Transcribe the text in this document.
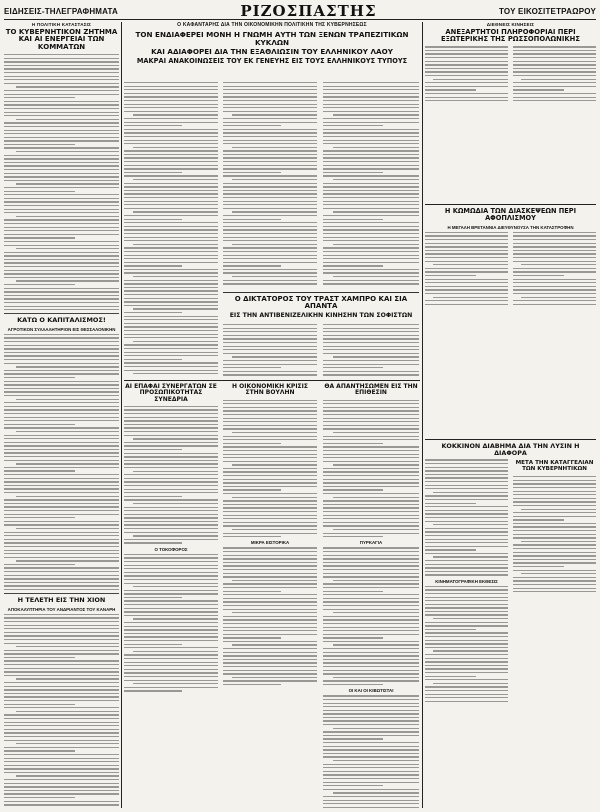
ΕΙΔΗΣΕΙΣ-ΤΗΛΕΓΡΑΦΗΜΑΤΑ	ΡΙΖΟΣΠΑΣΤΗΣ	ΤΟΥ ΕΙΚΟΣΙΤΕΤΡΑΩΡΟΥ
Η ΠΟΛΙΤΙΚΗ ΚΑΤΑΣΤΑΣΙΣ
ΤΟ ΚΥΒΕΡΝΗΤΙΚΟΝ ΖΗΤΗΜΑ ΚΑΙ ΑΙ ΕΝΕΡΓΕΙΑΙ ΤΩΝ ΚΟΜΜΑΤΩΝ
ΚΑΤΩ Ο ΚΑΠΙΤΑΛΙΣΜΟΣ!
ΑΓΡΟΤΙΚΟΝ ΣΥΛΛΑΛΗΤΗΡΙΟΝ ΕΙΣ ΘΕΣΣΑΛΟΝΙΚΗΝ
Η ΤΕΛΕΤΗ ΕΙΣ ΤΗΝ ΧΙΟΝ
ΑΠΟΚΑΛΥΠΤΗΡΙΑ ΤΟΥ ΑΝΔΡΙΑΝΤΟΣ ΤΟΥ ΚΑΝΑΡΗ
Ο ΚΑΦΑΝΤΑΡΗΣ ΔΙΑ ΤΗΝ ΟΙΚΟΝΟΜΙΚΗΝ ΠΟΛΙΤΙΚΗΝ ΤΗΣ ΚΥΒΕΡΝΗΣΕΩΣ
ΤΟΝ ΕΝΔΙΑΦΕΡΕΙ ΜΟΝΗ Η ΓΝΩΜΗ ΑΥΤΗ ΤΩΝ ΞΕΝΩΝ ΤΡΑΠΕΖΙΤΙΚΩΝ ΚΥΚΛΩΝ
ΚΑΙ ΑΔΙΑΦΟΡΕΙ ΔΙΑ ΤΗΝ ΕΞΑΘΛΙΩΣΙΝ ΤΟΥ ΕΛΛΗΝΙΚΟΥ ΛΑΟΥ
ΜΑΚΡΑΙ ΑΝΑΚΟΙΝΩΣΕΙΣ ΤΟΥ ΕΚ ΓΕΝΕΥΗΣ ΕΙΣ ΤΟΥΣ ΕΛΛΗΝΙΚΟΥΣ ΤΥΠΟΥΣ
Ο ΔΙΚΤΑΤΟΡΟΣ ΤΟΥ ΤΡΑΣΤ ΧΑΜΠΡΟ ΚΑΙ ΣΙΑ ΑΠΑΝΤΑ
ΕΙΣ ΤΗΝ ΑΝΤΙΒΕΝΙΖΕΛΙΚΗΝ ΚΙΝΗΣΗΝ ΤΩΝ ΣΟΦΙΣΤΩΝ
ΑΙ ΕΠΑΦΑΙ ΣΥΝΕΡΓΑΤΩΝ ΣΕ ΠΡΟΣΩΠΙΚΟΤΗΤΑΣ ΣΥΝΕΔΡΙΑ
Ο ΤΟΚΟΦΟΡΟΣ
Η ΟΙΚΟΝΟΜΙΚΗ ΚΡΙΣΙΣ ΣΤΗΝ ΒΟΥΛΗΝ
ΜΙΚΡΑ ΕΙΣΤΟΡΙΚΑ
ΘΑ ΑΠΑΝΤΗΣΩΜΕΝ ΕΙΣ ΤΗΝ ΕΠΙΘΕΣΙΝ
ΠΥΡΚΑΓΙΑ
ΟΙ ΚΑΙ ΟΙ ΚΙΒΩΤΙΣΤΑΙ
ΔΙΕΘΝΕΙΣ ΚΙΝΗΣΕΙΣ
ΑΝΕΞΑΡΤΗΤΟΙ ΠΛΗΡΟΦΟΡΙΑΙ ΠΕΡΙ ΕΞΩΤΕΡΙΚΗΣ ΤΗΣ ΡΩΣΣΟΠΟΛΩΝΙΚΗΣ
Η ΚΩΜΩΔΙΑ ΤΩΝ ΔΙΑΣΚΕΨΕΩΝ ΠΕΡΙ ΑΦΟΠΛΙΣΜΟΥ
Η ΜΕΓΑΛΗ ΒΡΕΤΑΝΝΙΑ ΔΙΕΥΘΥΝΟΥΣΑ ΤΗΝ ΚΑΤΑΣΤΡΟΦΗΝ
ΚΟΚΚΙΝΟΝ ΔΙΑΒΗΜΑ ΔΙΑ ΤΗΝ ΛΥΣΙΝ Η ΔΙΑΦΟΡΑ
ΚΙΝΗΜΑΤΟΓΡΑΦΙΚΗ ΕΚΘΕΣΙΣ
ΜΕΤΑ ΤΗΝ ΚΑΤΑΓΓΕΛΙΑΝ ΤΩΝ ΚΥΒΕΡΝΗΤΙΚΩΝ
